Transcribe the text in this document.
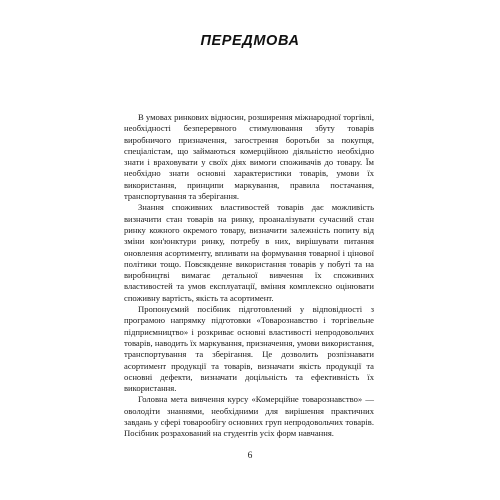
ПЕРЕДМОВА

В умовах ринкових відносин, розширення міжнародної торгівлі, необхідності безперервного стимулювання збуту товарів виробничого призначення, загострення боротьби за покупця, спеціалістам, що займаються комерційною діяльністю необхідно знати і враховувати у своїх діях вимоги споживачів до товару. Їм необхідно знати основні характеристики товарів, умови їх використання, принципи маркування, правила постачання, транспортування та зберігання.

Знання споживних властивостей товарів дає можливість визначити стан товарів на ринку, проаналізувати сучасний стан ринку кожного окремого товару, визначити залежність попиту від зміни кон'юнктури ринку, потребу в них, вирішувати питання оновлення асортименту, впливати на формування товарної і цінової політики тощо. Повсякденне використання товарів у побуті та на виробництві вимагає детальної вивчення їх споживних властивостей та умов експлуатації, вміння комплексно оцінювати споживну вартість, якість та асортимент.

Пропонуємий посібник підготовлений у відповідності з програмою напрямку підготовки «Товарознавство і торгівельне підприємництво» і розкриває основні властивості непродовольчих товарів, наводить їх маркування, призначення, умови використання, транспортування та зберігання. Це дозволить розпізнавати асортимент продукції та товарів, визначати якість продукції та основні дефекти, визначати доцільність та ефективність їх використання.

Головна мета вивчення курсу «Комерційне товарознавство» — оволодіти знаннями, необхідними для вирішення практичних завдань у сфері товарообігу основних груп непродовольчих товарів. Посібник розрахований на студентів усіх форм навчання.

6
